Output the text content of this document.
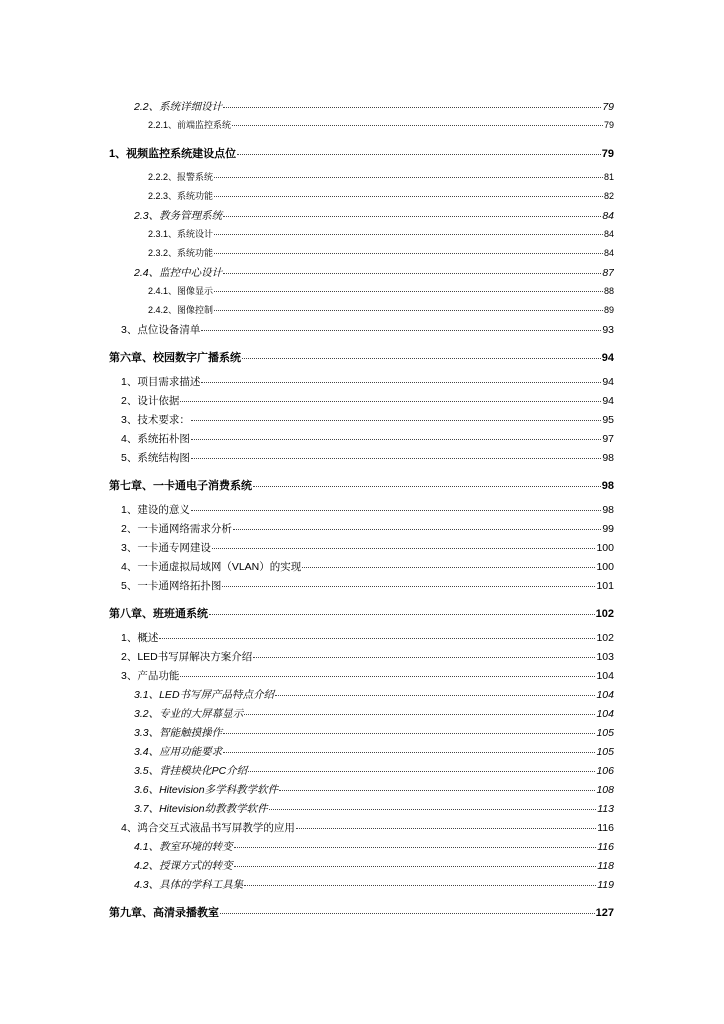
2.2、系统详细设计	79
2.2.1、前端监控系统	79
1、视频监控系统建设点位	79
2.2.2、报警系统	81
2.2.3、系统功能	82
2.3、教务管理系统	84
2.3.1、系统设计	84
2.3.2、系统功能	84
2.4、监控中心设计	87
2.4.1、图像显示	88
2.4.2、图像控制	89
3、点位设备清单	93
第六章、校园数字广播系统	94
1、项目需求描述	94
2、设计依据	94
3、技术要求：	95
4、系统拓朴图	97
5、系统结构图	98
第七章、一卡通电子消费系统	98
1、建设的意义	98
2、一卡通网络需求分析	99
3、一卡通专网建设	100
4、一卡通虚拟局域网（VLAN）的实现	100
5、一卡通网络拓扑图	101
第八章、班班通系统	102
1、概述	102
2、LED书写屏解决方案介绍	103
3、产品功能	104
3.1、LED书写屏产品特点介绍	104
3.2、专业的大屏幕显示	104
3.3、智能触摸操作	105
3.4、应用功能要求	105
3.5、背挂模块化PC介绍	106
3.6、Hitevision多学科教学软件	108
3.7、Hitevision幼教教学软件	113
4、鸿合交互式液晶书写屏教学的应用	116
4.1、教室环境的转变	116
4.2、授课方式的转变	118
4.3、具体的学科工具集	119
第九章、高清录播教室	127
